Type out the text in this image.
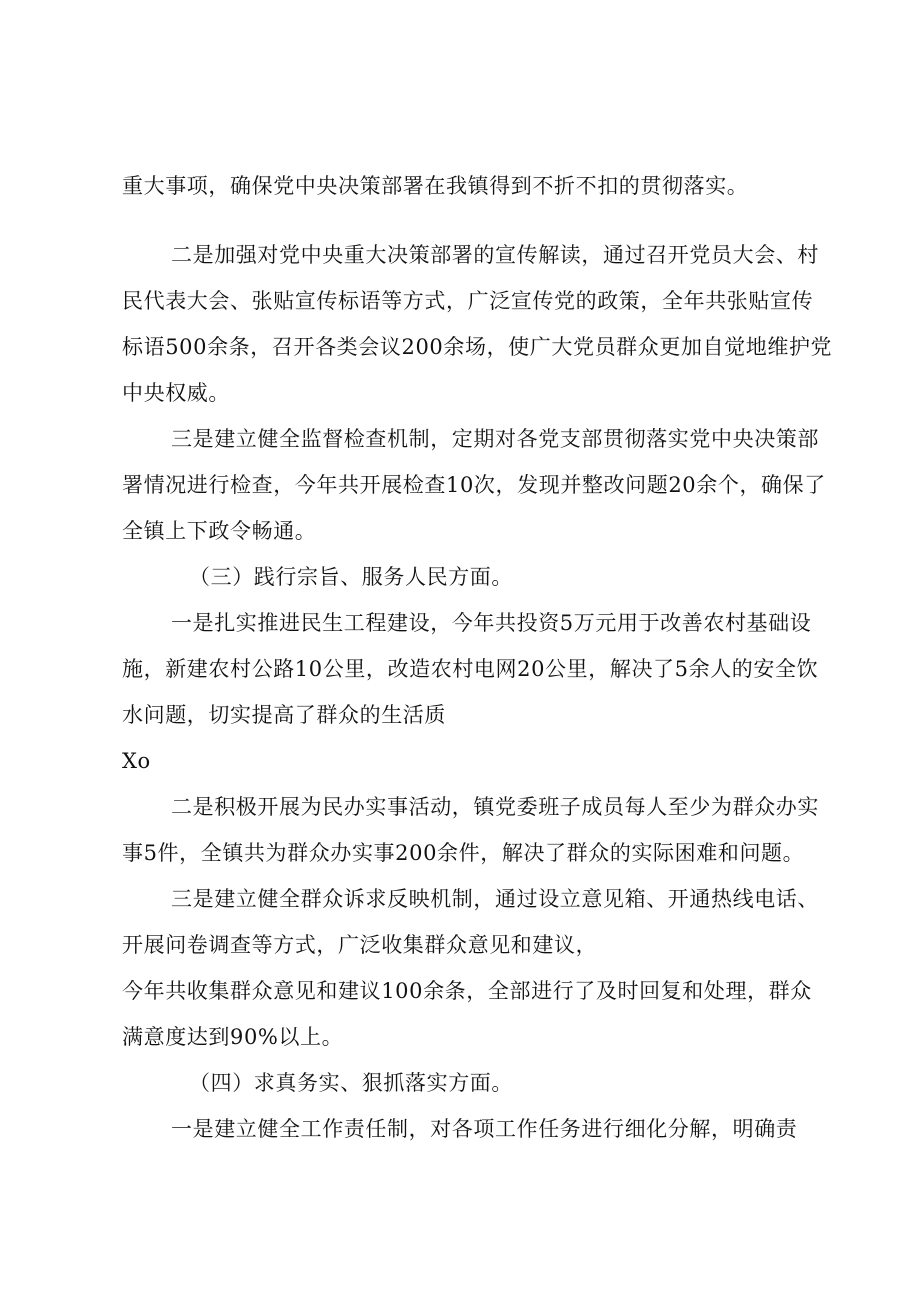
重大事项，确保党中央决策部署在我镇得到不折不扣的贯彻落实。
二是加强对党中央重大决策部署的宣传解读，通过召开党员大会、村
民代表大会、张贴宣传标语等方式，广泛宣传党的政策，全年共张贴宣传
标语500余条，召开各类会议200余场，使广大党员群众更加自觉地维护党
中央权威。
三是建立健全监督检查机制，定期对各党支部贯彻落实党中央决策部
署情况进行检查，今年共开展检查10次，发现并整改问题20余个，确保了
全镇上下政令畅通。
（三）践行宗旨、服务人民方面。
一是扎实推进民生工程建设，今年共投资5万元用于改善农村基础设
施，新建农村公路10公里，改造农村电网20公里，解决了5余人的安全饮
水问题，切实提高了群众的生活质
Xo
二是积极开展为民办实事活动，镇党委班子成员每人至少为群众办实
事5件，全镇共为群众办实事200余件，解决了群众的实际困难和问题。
三是建立健全群众诉求反映机制，通过设立意见箱、开通热线电话、
开展问卷调查等方式，广泛收集群众意见和建议，
今年共收集群众意见和建议100余条，全部进行了及时回复和处理，群众
满意度达到90%以上。
（四）求真务实、狠抓落实方面。
一是建立健全工作责任制，对各项工作任务进行细化分解，明确责
